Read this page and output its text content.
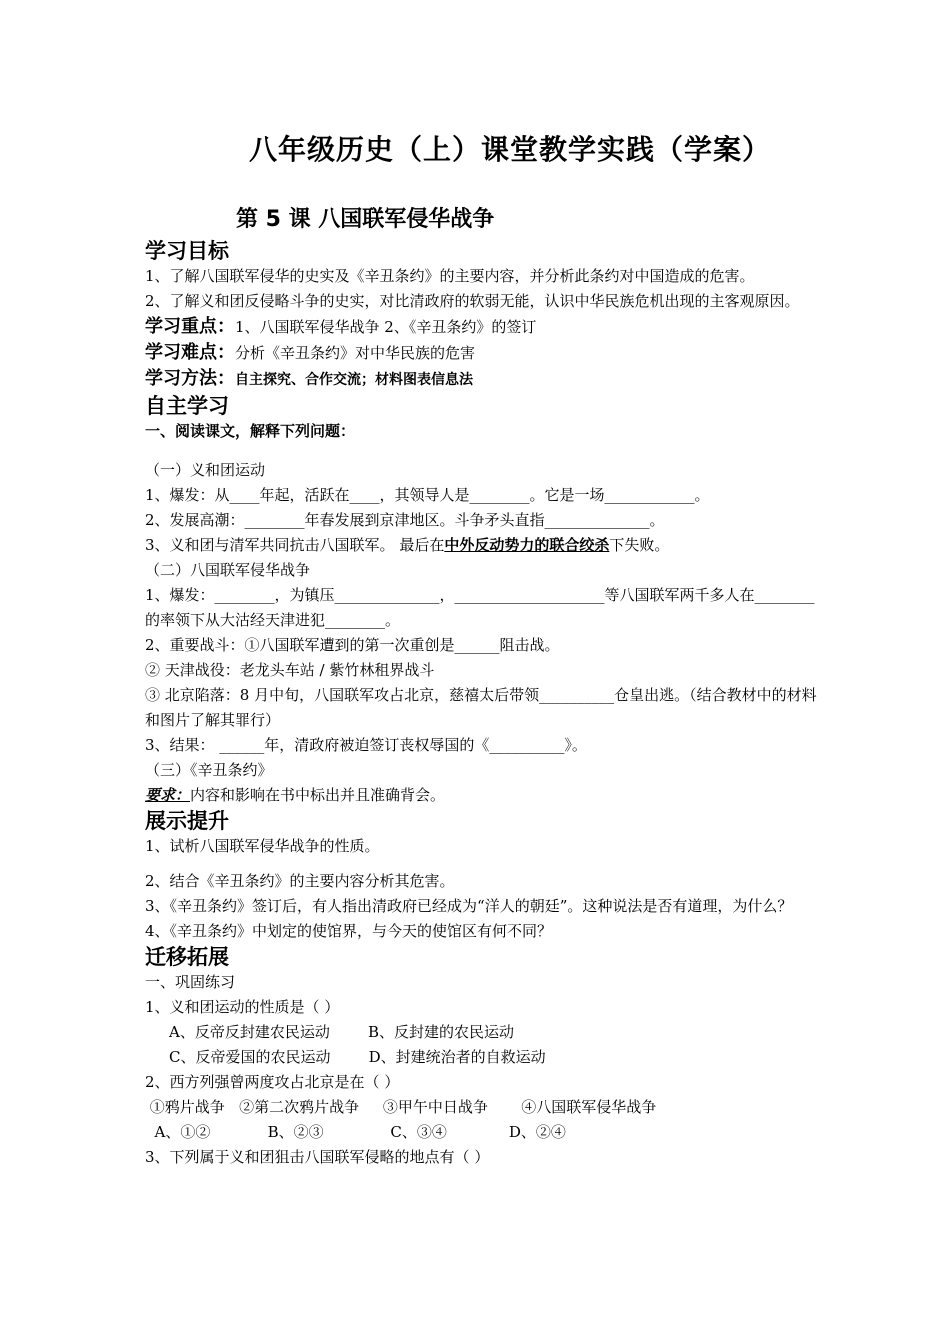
八年级历史（上）课堂教学实践（学案）
第 5 课 八国联军侵华战争

学习目标

1、了解八国联军侵华的史实及《辛丑条约》的主要内容，并分析此条约对中国造成的危害。

2、了解义和团反侵略斗争的史实，对比清政府的软弱无能，认识中华民族危机出现的主客观原因。

学习重点：1、八国联军侵华战争 2、《辛丑条约》的签订

学习难点：分析《辛丑条约》对中华民族的危害

学习方法：自主探究、合作交流；材料图表信息法

自主学习

一、阅读课文，解释下列问题：

（一）义和团运动

1、爆发：从____年起，活跃在____，其领导人是________。它是一场____________。

2、发展高潮：________年春发展到京津地区。斗争矛头直指______________。

3、义和团与清军共同抗击八国联军。 最后在中外反动势力的联合绞杀下失败。

（二）八国联军侵华战争

1、爆发：________，为镇压______________，____________________等八国联军两千多人在________的率领下从大沽经天津进犯________。

2、重要战斗：①八国联军遭到的第一次重创是______阻击战。

② 天津战役：老龙头车站 / 紫竹林租界战斗

③ 北京陷落：8 月中旬，八国联军攻占北京，慈禧太后带领__________仓皇出逃。（结合教材中的材料和图片了解其罪行）

3、结果： ______年，清政府被迫签订丧权辱国的《__________》。

（三）《辛丑条约》

要求：内容和影响在书中标出并且准确背会。

展示提升

1、试析八国联军侵华战争的性质。

2、结合《辛丑条约》的主要内容分析其危害。

3、《辛丑条约》签订后，有人指出清政府已经成为“洋人的朝廷”。这种说法是否有道理，为什么？

4、《辛丑条约》中划定的使馆界，与今天的使馆区有何不同？

迁移拓展

一、巩固练习

1、义和团运动的性质是（ ）

A、反帝反封建农民运动        B、反封建的农民运动

C、反帝爱国的农民运动        D、封建统治者的自救运动

2、西方列强曾两度攻占北京是在（ ）

①鸦片战争   ②第二次鸦片战争     ③甲午中日战争       ④八国联军侵华战争

A、①②            B、②③              C、③④             D、②④

3、下列属于义和团狙击八国联军侵略的地点有（ ）
